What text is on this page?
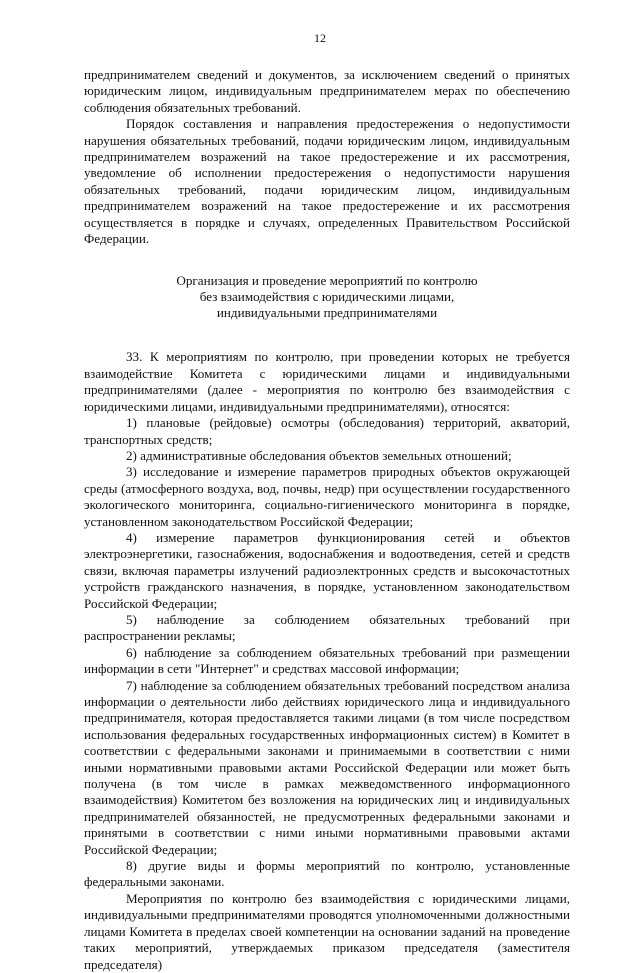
12

предпринимателем сведений и документов, за исключением сведений о принятых юридическим лицом, индивидуальным предпринимателем мерах по обеспечению соблюдения обязательных требований.

Порядок составления и направления предостережения о недопустимости нарушения обязательных требований, подачи юридическим лицом, индивидуальным предпринимателем возражений на такое предостережение и их рассмотрения, уведомление об исполнении предостережения о недопустимости нарушения обязательных требований, подачи юридическим лицом, индивидуальным предпринимателем возражений на такое предостережение и их рассмотрения осуществляется в порядке и случаях, определенных Правительством Российской Федерации.

Организация и проведение мероприятий по контролю
без взаимодействия с юридическими лицами,
индивидуальными предпринимателями

33. К мероприятиям по контролю, при проведении которых не требуется взаимодействие Комитета с юридическими лицами и индивидуальными предпринимателями (далее - мероприятия по контролю без взаимодействия с юридическими лицами, индивидуальными предпринимателями), относятся:

1) плановые (рейдовые) осмотры (обследования) территорий, акваторий, транспортных средств;

2) административные обследования объектов земельных отношений;

3) исследование и измерение параметров природных объектов окружающей среды (атмосферного воздуха, вод, почвы, недр) при осуществлении государственного экологического мониторинга, социально-гигиенического мониторинга в порядке, установленном законодательством Российской Федерации;

4) измерение параметров функционирования сетей и объектов электроэнергетики, газоснабжения, водоснабжения и водоотведения, сетей и средств связи, включая параметры излучений радиоэлектронных средств и высокочастотных устройств гражданского назначения, в порядке, установленном законодательством Российской Федерации;

5) наблюдение за соблюдением обязательных требований при распространении рекламы;

6) наблюдение за соблюдением обязательных требований при размещении информации в сети "Интернет" и средствах массовой информации;

7) наблюдение за соблюдением обязательных требований посредством анализа информации о деятельности либо действиях юридического лица и индивидуального предпринимателя, которая предоставляется такими лицами (в том числе посредством использования федеральных государственных информационных систем) в Комитет в соответствии с федеральными законами и принимаемыми в соответствии с ними иными нормативными правовыми актами Российской Федерации или может быть получена (в том числе в рамках межведомственного информационного взаимодействия) Комитетом без возложения на юридических лиц и индивидуальных предпринимателей обязанностей, не предусмотренных федеральными законами и принятыми в соответствии с ними иными нормативными правовыми актами Российской Федерации;

8) другие виды и формы мероприятий по контролю, установленные федеральными законами.

Мероприятия по контролю без взаимодействия с юридическими лицами, индивидуальными предпринимателями проводятся уполномоченными должностными лицами Комитета в пределах своей компетенции на основании заданий на проведение таких мероприятий, утверждаемых приказом председателя (заместителя председателя)
